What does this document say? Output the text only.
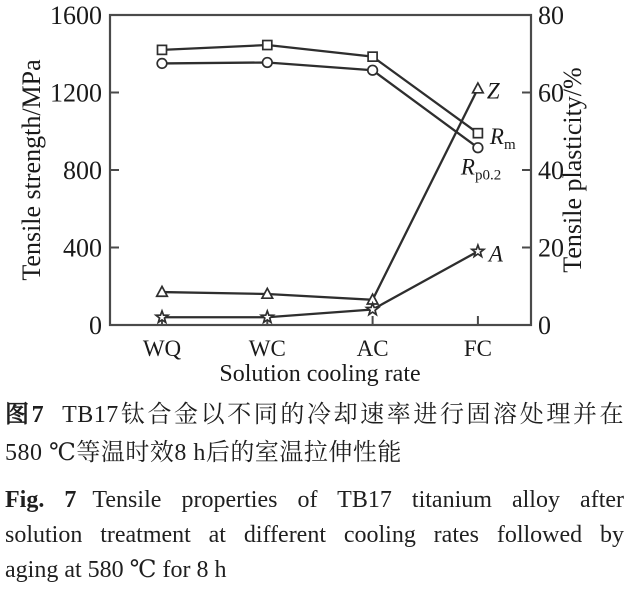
0
400
800
1200
1600
0
20
40
60
80
WQ	WC	AC	FC
Tensile strength/MPa	Tensile plasticity/%
Solution cooling rate
$R_m$
$R_{p0.2}$
Z
A

图7 TB17钛合金以不同的冷却速率进行固溶处理并在

580 ℃等温时效8 h后的室温拉伸性能

Fig. 7 Tensile properties of TB17 titanium alloy after

solution treatment at different cooling rates followed by

aging at 580 ℃ for 8 h
